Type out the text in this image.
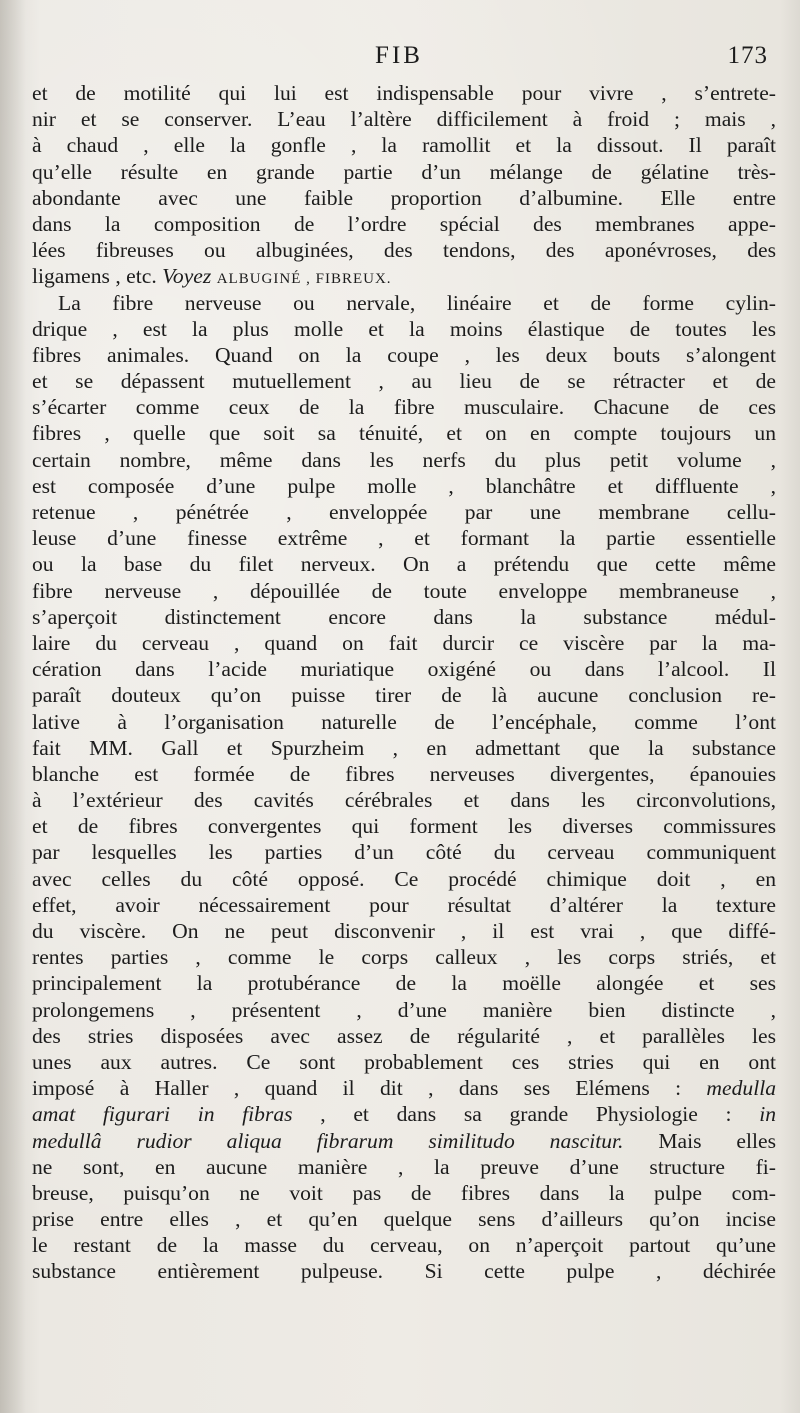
FIB	173
et de motilité qui lui est indispensable pour vivre , s’entrete-
nir et se conserver. L’eau l’altère difficilement à froid ; mais ,
à chaud , elle la gonfle , la ramollit et la dissout. Il paraît
qu’elle résulte en grande partie d’un mélange de gélatine très-
abondante avec une faible proportion d’albumine. Elle entre
dans la composition de l’ordre spécial des membranes appe-
lées fibreuses ou albuginées, des tendons, des aponévroses, des
ligamens , etc. Voyez ALBUGINÉ , FIBREUX.
La fibre nerveuse ou nervale, linéaire et de forme cylin-
drique , est la plus molle et la moins élastique de toutes les
fibres animales. Quand on la coupe , les deux bouts s’alongent
et se dépassent mutuellement , au lieu de se rétracter et de
s’écarter comme ceux de la fibre musculaire. Chacune de ces
fibres , quelle que soit sa ténuité, et on en compte toujours un
certain nombre, même dans les nerfs du plus petit volume ,
est composée d’une pulpe molle , blanchâtre et diffluente ,
retenue , pénétrée , enveloppée par une membrane cellu-
leuse d’une finesse extrême , et formant la partie essentielle
ou la base du filet nerveux. On a prétendu que cette même
fibre nerveuse , dépouillée de toute enveloppe membraneuse ,
s’aperçoit distinctement encore dans la substance médul-
laire du cerveau , quand on fait durcir ce viscère par la ma-
cération dans l’acide muriatique oxigéné ou dans l’alcool. Il
paraît douteux qu’on puisse tirer de là aucune conclusion re-
lative à l’organisation naturelle de l’encéphale, comme l’ont
fait MM. Gall et Spurzheim , en admettant que la substance
blanche est formée de fibres nerveuses divergentes, épanouies
à l’extérieur des cavités cérébrales et dans les circonvolutions,
et de fibres convergentes qui forment les diverses commissures
par lesquelles les parties d’un côté du cerveau communiquent
avec celles du côté opposé. Ce procédé chimique doit , en
effet, avoir nécessairement pour résultat d’altérer la texture
du viscère. On ne peut disconvenir , il est vrai , que diffé-
rentes parties , comme le corps calleux , les corps striés, et
principalement la protubérance de la moëlle alongée et ses
prolongemens , présentent , d’une manière bien distincte ,
des stries disposées avec assez de régularité , et parallèles les
unes aux autres. Ce sont probablement ces stries qui en ont
imposé à Haller , quand il dit , dans ses Elémens : medulla
amat figurari in fibras , et dans sa grande Physiologie : in
medullâ rudior aliqua fibrarum similitudo nascitur. Mais elles
ne sont, en aucune manière , la preuve d’une structure fi-
breuse, puisqu’on ne voit pas de fibres dans la pulpe com-
prise entre elles , et qu’en quelque sens d’ailleurs qu’on incise
le restant de la masse du cerveau, on n’aperçoit partout qu’une
substance entièrement pulpeuse. Si cette pulpe , déchirée
